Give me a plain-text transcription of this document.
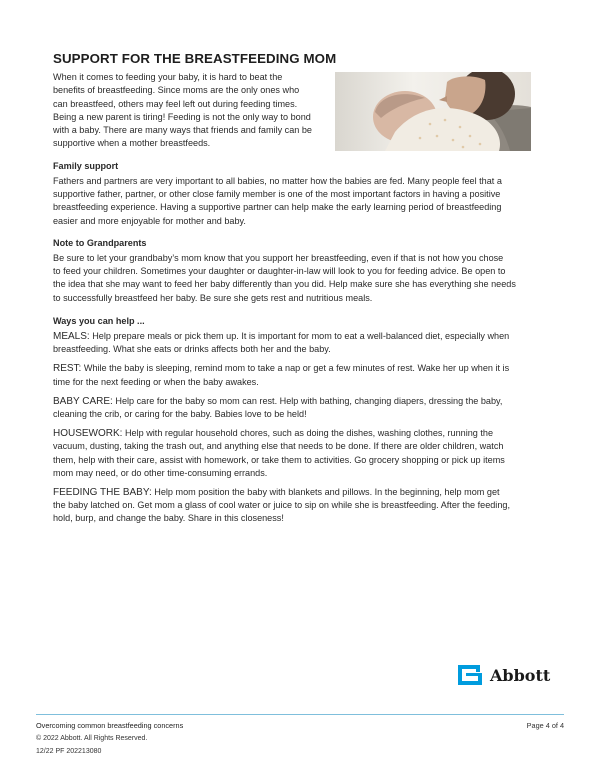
SUPPORT FOR THE BREASTFEEDING MOM
When it comes to feeding your baby, it is hard to beat the
benefits of breastfeeding. Since moms are the only ones who
can breastfeed, others may feel left out during feeding times.
Being a new parent is tiring! Feeding is not the only way to bond
with a baby. There are many ways that friends and family can be
supportive when a mother breastfeeds.
Family support
Fathers and partners are very important to all babies, no matter how the babies are fed. Many people feel that a
supportive father, partner, or other close family member is one of the most important factors in having a positive
breastfeeding experience. Having a supportive partner can help make the early learning period of breastfeeding
easier and more enjoyable for mother and baby.
Note to Grandparents
Be sure to let your grandbaby’s mom know that you support her breastfeeding, even if that is not how you chose
to feed your children. Sometimes your daughter or daughter-in-law will look to you for feeding advice. Be open to
the idea that she may want to feed her baby differently than you did. Help make sure she has everything she needs
to successfully breastfeed her baby. Be sure she gets rest and nutritious meals.
Ways you can help ...
MEALS: Help prepare meals or pick them up. It is important for mom to eat a well-balanced diet, especially when
breastfeeding. What she eats or drinks affects both her and the baby.
REST: While the baby is sleeping, remind mom to take a nap or get a few minutes of rest. Wake her up when it is
time for the next feeding or when the baby awakes.
BABY CARE: Help care for the baby so mom can rest. Help with bathing, changing diapers, dressing the baby,
cleaning the crib, or caring for the baby. Babies love to be held!
HOUSEWORK: Help with regular household chores, such as doing the dishes, washing clothes, running the
vacuum, dusting, taking the trash out, and anything else that needs to be done. If there are older children, watch
them, help with their care, assist with homework, or take them to activities. Go grocery shopping or pick up items
mom may need, or do other time-consuming errands.
FEEDING THE BABY: Help mom position the baby with blankets and pillows. In the beginning, help mom get
the baby latched on. Get mom a glass of cool water or juice to sip on while she is breastfeeding. After the feeding,
hold, burp, and change the baby. Share in this closeness!
Abbott
Overcoming common breastfeeding concerns
© 2022 Abbott. All Rights Reserved.
12/22 PF 202213080
Page 4 of 4
